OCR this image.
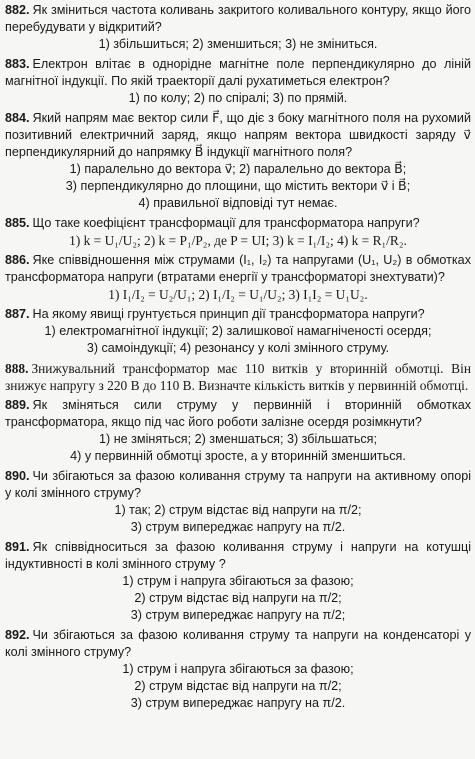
882. Як зміниться частота коливань закритого коливального контуру, якщо його перебудувати у відкритий?

1) збільшиться; 2) зменшиться; 3) не зміниться.

883. Електрон влітає в однорідне магнітне поле перпендикулярно до ліній магнітної індукції. По якій траекторії далі рухатиметься електрон?

1) по колу; 2) по спіралі; 3) по прямій.

884. Який напрям має вектор сили F⃗, що діє з боку магнітного поля на рухомий позитивний електричний заряд, якщо напрям вектора швидкості заряду v⃗ перпендикулярний до напрямку B⃗ індукції магнітного поля?

1) паралельно до вектора v⃗; 2) паралельно до вектора B⃗;

3) перпендикулярно до площини, що містить вектори v⃗ і B⃗;

4) правильної відповіді тут немає.

885. Що таке коефіцієнт трансформації для трансформатора напруги?

1) k = U₁/U₂; 2) k = P₁/P₂, де P = UI; 3) k = I₁/I₂; 4) k = R₁/R₂.

886. Яке співвідношення між струмами (I₁, I₂) та напругами (U₁, U₂) в обмотках трансформатора напруги (втратами енергії у трансформаторі знехтувати)?

1) I₁/I₂ = U₂/U₁; 2) I₁/I₂ = U₁/U₂; 3) I₁I₂ = U₁U₂.

887. На якому явищі грунтується принцип дії трансформатора напруги?

1) електромагнітної індукції; 2) залишкової намагніченості осердя;

3) самоіндукції; 4) резонансу у колі змінного струму.

888. Знижувальний трансформатор має 110 витків у вторинній обмотці. Він знижує напругу з 220 В до 110 В. Визначте кількість витків у первинній обмотці.

889. Як зміняться сили струму у первинній і вторинній обмотках трансформатора, якщо під час його роботи залізне осердя розімкнути?

1) не зміняться; 2) зменшаться; 3) збільшаться;

4) у первинній обмотці зросте, а у вторинній зменшиться.

890. Чи збігаються за фазою коливання струму та напруги на активному опорі у колі змінного струму?

1) так; 2) струм відстає від напруги на π/2;

3) струм випереджає напругу на π/2.

891. Як співвідноситься за фазою коливання струму і напруги на котушці індуктивності в колі змінного струму ?

1) струм і напруга збігаються за фазою;

2) струм відстає від напруги на π/2;

3) струм випереджає напругу на π/2;

892. Чи збігаються за фазою коливання струму та напруги на конденсаторі у колі змінного струму?

1) струм і напруга збігаються за фазою;

2) струм відстає від напруги на π/2;

3) струм випереджає напругу на π/2.
